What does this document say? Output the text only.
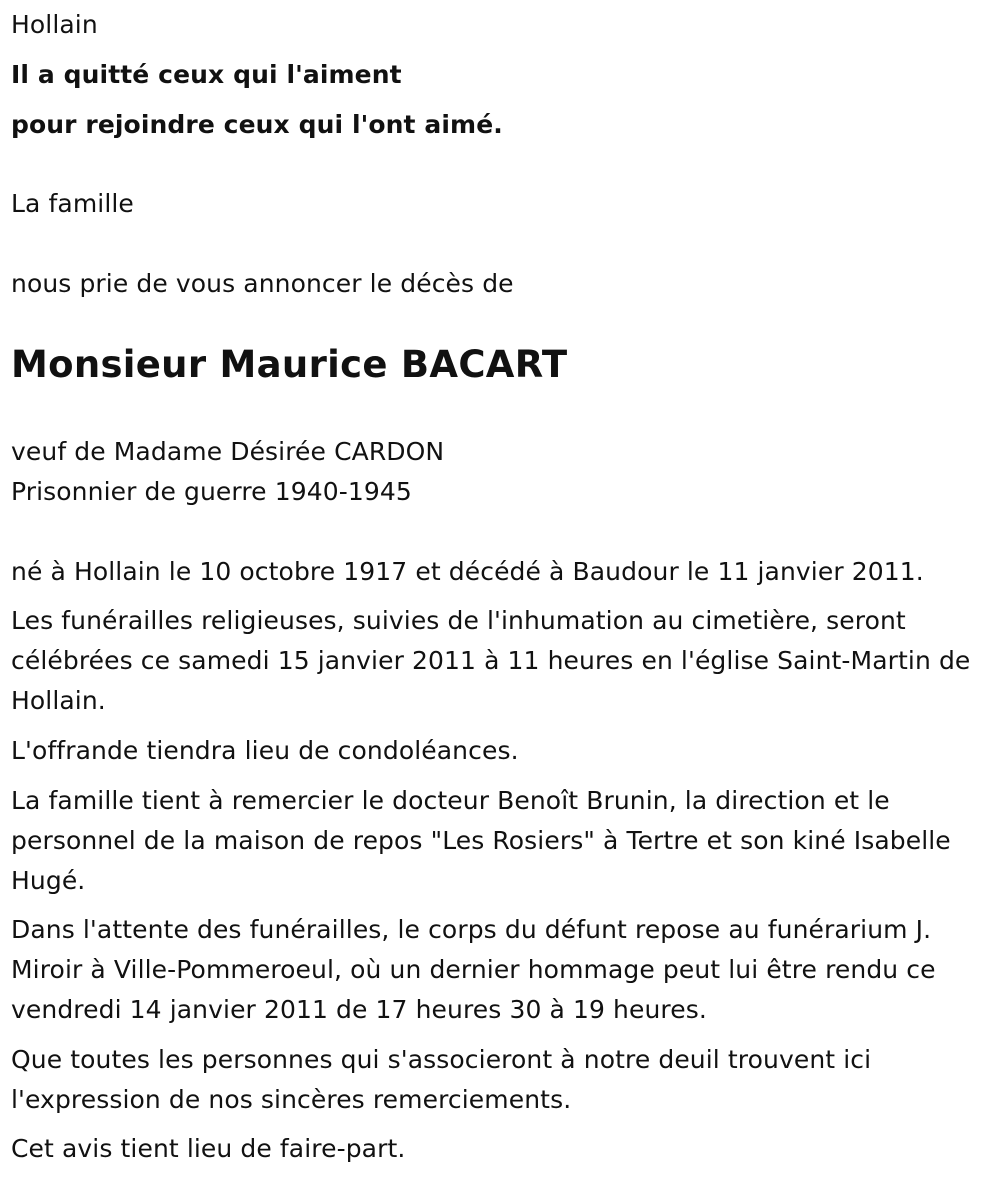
Hollain
Il a quitté ceux qui l'aiment
pour rejoindre ceux qui l'ont aimé.
La famille
nous prie de vous annoncer le décès de
Monsieur Maurice BACART
veuf de Madame Désirée CARDON
Prisonnier de guerre 1940-1945
né à Hollain le 10 octobre 1917 et décédé à Baudour le 11 janvier 2011.
Les funérailles religieuses, suivies de l'inhumation au cimetière, seront célébrées ce samedi 15 janvier 2011 à 11 heures en l'église Saint-Martin de Hollain.
L'offrande tiendra lieu de condoléances.
La famille tient à remercier le docteur Benoît Brunin, la direction et le personnel de la maison de repos "Les Rosiers" à Tertre et son kiné Isabelle Hugé.
Dans l'attente des funérailles, le corps du défunt repose au funérarium J. Miroir à Ville-Pommeroeul, où un dernier hommage peut lui être rendu ce vendredi 14 janvier 2011 de 17 heures 30 à 19 heures.
Que toutes les personnes qui s'associeront à notre deuil trouvent ici l'expression de nos sincères remerciements.
Cet avis tient lieu de faire-part.
